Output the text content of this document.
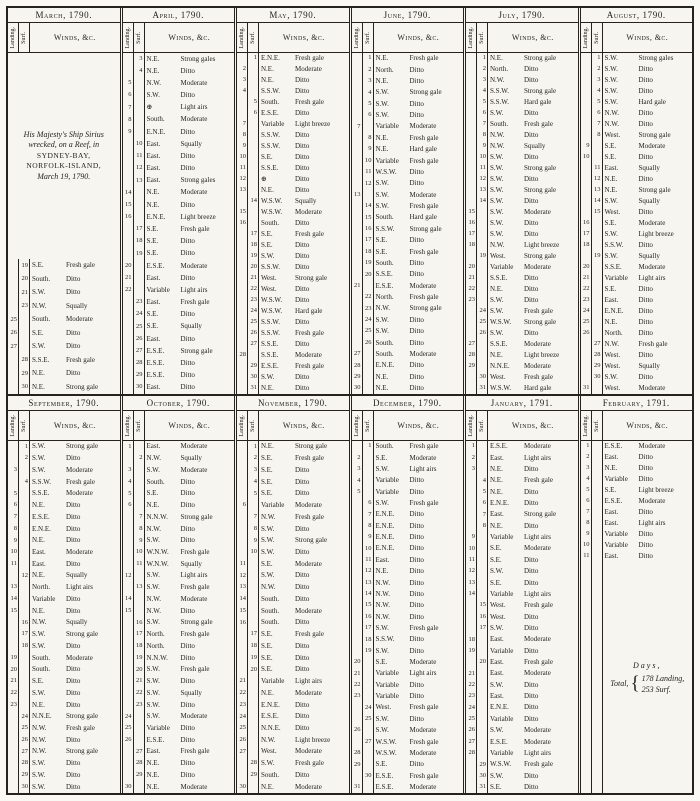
March, 1790.
Landing. Surf.	Winds, &c.
His Majesty's Ship Sirius
wrecked, on a Reef, in
SYDNEY-BAY,
NORFOLK-ISLAND,
March 19, 1790.
19 S.E.	Fresh gale
20 South.	Ditto
21 S.W.	Ditto
23 N.W.	Squally
25 South.	Moderate
26 S.E.	Ditto
27 S.W.	Ditto
28 S.S.E.	Fresh gale
29 N.E.	Ditto
30 N.E.	Strong gale
April, 1790.
Landing. Surf.	Winds, &c.
3 N.E.	Strong gales
4 N.E.	Ditto
5 N.W.	Moderate
6 S.W.	Ditto
7 ⊕	Light airs
8 South.	Moderate
9 E.N.E.	Ditto
10 East.	Squally
11 East.	Ditto
12 East.	Ditto
13 East.	Strong gales
14 N.E.	Moderate
15 N.E.	Ditto
16 E.N.E.	Light breeze
17 S.E.	Fresh gale
18 S.E.	Ditto
19 S.E.	Ditto
20 E.S.E.	Moderate
21 East.	Ditto
22 Variable	Light airs
23 East.	Fresh gale
24 S.E.	Ditto
25 S.E.	Squally
26 East.	Ditto
27 E.S.E.	Strong gale
28 E.S.E.	Ditto
29 E.S.E.	Ditto
30 East.	Ditto
May, 1790.
Landing. Surf.	Winds, &c.
1 E.N.E.	Fresh gale
2 N.E.	Moderate
3 N.E.	Ditto
4 S.S.W.	Ditto
5 South.	Fresh gale
6 E.S.E.	Ditto
7 Variable	Light breeze
8 S.S.W.	Ditto
9 S.S.W.	Ditto
10 S.E.	Ditto
11 S.S.E.	Ditto
12 ⊕	Ditto
13 N.E.	Ditto
14 W.S.W.	Squally
15 W.S.W.	Moderate
16 South.	Ditto
17 S.E.	Fresh gale
18 S.E.	Ditto
19 S.W.	Ditto
20 S.S.W.	Ditto
21 West.	Strong gale
22 West.	Ditto
23 W.S.W.	Ditto
24 W.S.W.	Hard gale
25 S.S.W.	Ditto
26 S.S.W.	Fresh gale
27 S.S.E.	Ditto
28 S.S.E.	Moderate
29 E.S.E.	Fresh gale
30 S.W.	Ditto
31 N.E.	Ditto
June, 1790.
Landing. Surf.	Winds, &c.
1 N.E.	Fresh gale
2 North.	Ditto
3 N.E.	Ditto
4 S.W.	Strong gale
5 S.W.	Ditto
6 S.W.	Ditto
7 Variable	Moderate
8 N.E.	Fresh gale
9 N.E.	Hard gale
10 Variable	Fresh gale
11 W.S.W.	Ditto
12 S.W.	Ditto
13 S.W.	Moderate
14 S.W.	Fresh gale
15 South.	Hard gale
16 S.S.W.	Strong gale
17 S.E.	Ditto
18 S.E.	Fresh gale
19 South.	Ditto
20 S.S.E.	Ditto
21 E.S.E.	Moderate
22 North.	Fresh gale
23 N.W.	Strong gale
24 S.W.	Ditto
25 S.W.	Ditto
26 South.	Ditto
27 South.	Moderate
28 E.N.E.	Ditto
29 N.E.	Ditto
30 N.E.	Ditto
July, 1790.
Landing. Surf.	Winds, &c.
1 N.E.	Strong gale
2 North.	Ditto
3 N.W.	Ditto
4 S.S.W.	Strong gale
5 S.S.W.	Hard gale
6 S.W.	Ditto
7 South.	Fresh gale
8 N.W.	Ditto
9 N.W.	Squally
10 S.W.	Ditto
11 S.W.	Strong gale
12 S.W.	Ditto
13 S.W.	Strong gale
14 S.W.	Ditto
15 S.W.	Moderate
16 S.W.	Ditto
17 S.W.	Ditto
18 N.W.	Light breeze
19 West.	Strong gale
20 Variable	Moderate
21 S.S.E.	Ditto
22 N.E.	Ditto
23 S.W.	Ditto
24 S.W.	Fresh gale
25 W.S.W.	Strong gale
26 S.W.	Ditto
27 S.S.E.	Moderate
28 N.E.	Light breeze
29 N.N.E.	Moderate
30 West.	Fresh gale
31 W.S.W.	Hard gale
August, 1790.
Landing. Surf.	Winds, &c.
1 S.W.	Strong gales
2 S.W.	Ditto
3 S.W.	Ditto
4 S.W.	Ditto
5 S.W.	Hard gale
6 N.W.	Ditto
7 N.W.	Ditto
8 West.	Strong gale
9 S.E.	Moderate
10 S.E.	Ditto
11 East.	Squally
12 N.E.	Ditto
13 N.E.	Strong gale
14 S.W.	Squally
15 West.	Ditto
16 S.E.	Moderate
17 S.W.	Light breeze
18 S.S.W.	Ditto
19 S.W.	Squally
20 S.S.E.	Moderate
21 Variable	Light airs
22 S.E.	Ditto
23 East.	Ditto
24 E.N.E.	Ditto
25 N.E.	Ditto
26 North.	Ditto
27 N.W.	Fresh gale
28 West.	Ditto
29 West.	Squally
30 S.W.	Ditto
31 West.	Moderate
September, 1790.
Landing. Surf.	Winds, &c.
1 S.W.	Strong gale
2 S.W.	Ditto
3 S.W.	Moderate
4 S.S.W.	Fresh gale
5 S.S.E.	Moderate
6 N.E.	Ditto
7 E.S.E.	Ditto
8 E.N.E.	Ditto
9 N.E.	Ditto
10 East.	Moderate
11 East.	Ditto
12 N.E.	Squally
13 North.	Light airs
14 Variable	Ditto
15 N.E.	Ditto
16 N.W.	Squally
17 S.W.	Strong gale
18 S.W.	Ditto
19 South.	Moderate
20 South.	Ditto
21 S.E.	Ditto
22 S.W.	Ditto
23 N.E.	Ditto
24 N.N.E.	Strong gale
25 N.W.	Fresh gale
26 N.W.	Ditto
27 N.W.	Strong gale
28 S.W.	Ditto
29 S.W.	Ditto
30 S.W.	Ditto
October, 1790.
Landing. Surf.	Winds, &c.
1 East.	Moderate
2 N.W.	Squally
3 S.W.	Moderate
4 South.	Ditto
5 S.E.	Ditto
6 N.E.	Ditto
7 N.N.W.	Strong gale
8 N.W.	Ditto
9 S.W.	Ditto
10 W.N.W.	Fresh gale
11 W.N.W.	Squally
12 S.W.	Light airs
13 S.W.	Fresh gale
14 N.W.	Moderate
15 N.W.	Ditto
16 S.W.	Strong gale
17 North.	Fresh gale
18 North.	Ditto
19 N.N.W.	Ditto
20 S.W.	Fresh gale
21 S.W.	Ditto
22 S.W.	Squally
23 S.W.	Ditto
24 S.W.	Moderate
25 Variable	Ditto
26 E.S.E.	Ditto
27 East.	Fresh gale
28 N.E.	Ditto
29 N.E.	Ditto
30 N.E.	Moderate
November, 1790.
Landing. Surf.	Winds, &c.
1 N.E.	Strong gale
2 S.E.	Fresh gale
3 S.E.	Ditto
4 S.E.	Ditto
5 S.E.	Ditto
6 Variable	Moderate
7 N.W.	Fresh gale
8 S.W.	Ditto
9 S.W.	Strong gale
10 S.W.	Ditto
11 S.E.	Moderate
12 S.W.	Ditto
13 N.W.	Ditto
14 South.	Ditto
15 South.	Moderate
16 South.	Ditto
17 S.E.	Fresh gale
18 S.E.	Ditto
19 S.E.	Ditto
20 S.E.	Ditto
21 Variable	Light airs
22 N.E.	Moderate
23 E.N.E.	Ditto
24 E.S.E.	Ditto
25 N.N.E.	Ditto
26 N.W.	Light breeze
27 West.	Moderate
28 S.W.	Fresh gale
29 South.	Ditto
30 N.E.	Moderate
December, 1790.
Landing. Surf.	Winds, &c.
1 South.	Fresh gale
2 S.E.	Moderate
3 S.W.	Light airs
4 Variable	Ditto
5 Variable	Ditto
6 S.W.	Fresh gale
7 E.N.E.	Ditto
8 E.N.E.	Ditto
9 E.N.E.	Ditto
10 E.N.E.	Ditto
11 East.	Ditto
12 N.E.	Ditto
13 N.W.	Ditto
14 N.W.	Ditto
15 N.W.	Ditto
16 N.W.	Ditto
17 S.W.	Fresh gale
18 S.S.W.	Ditto
19 S.W.	Ditto
20 S.E.	Moderate
21 Variable	Light airs
22 Variable	Ditto
23 Variable	Ditto
24 West.	Fresh gale
25 S.W.	Ditto
26 S.W.	Moderate
27 W.S.W.	Fresh gale
28 W.S.W.	Moderate
29 S.E.	Ditto
30 E.S.E.	Fresh gale
31 E.S.E.	Moderate
January, 1791.
Landing. Surf.	Winds, &c.
1 E.S.E.	Moderate
2 East.	Light airs
3 N.E.	Ditto
4 N.E.	Fresh gale
5 N.E.	Ditto
6 E.N.E.	Ditto
7 East.	Strong gale
8 N.E.	Ditto
9 Variable	Light airs
10 S.E.	Moderate
11 S.E.	Ditto
12 S.W.	Ditto
13 S.E.	Ditto
14 Variable	Light airs
15 West.	Fresh gale
16 West.	Ditto
17 S.W.	Ditto
18 East.	Moderate
19 Variable	Ditto
20 East.	Fresh gale
21 East.	Moderate
22 S.W.	Ditto
23 East.	Ditto
24 E.N.E.	Ditto
25 Variable	Ditto
26 S.W.	Moderate
27 E.S.E.	Moderate
28 Variable	Light airs
29 W.S.W.	Fresh gale
30 S.W.	Ditto
31 S.E.	Ditto
February, 1791.
Landing. Surf.	Winds, &c.
1 E.S.E.	Moderate
2 East.	Ditto
3 N.E.	Ditto
4 Variable	Ditto
5 S.E.	Light breeze
6 E.S.E.	Moderate
7 East.	Ditto
8 East.	Light airs
9 Variable	Ditto
10 Variable	Ditto
11 East.	Ditto
Days,
Total, { 178 Landing,
253 Surf.
